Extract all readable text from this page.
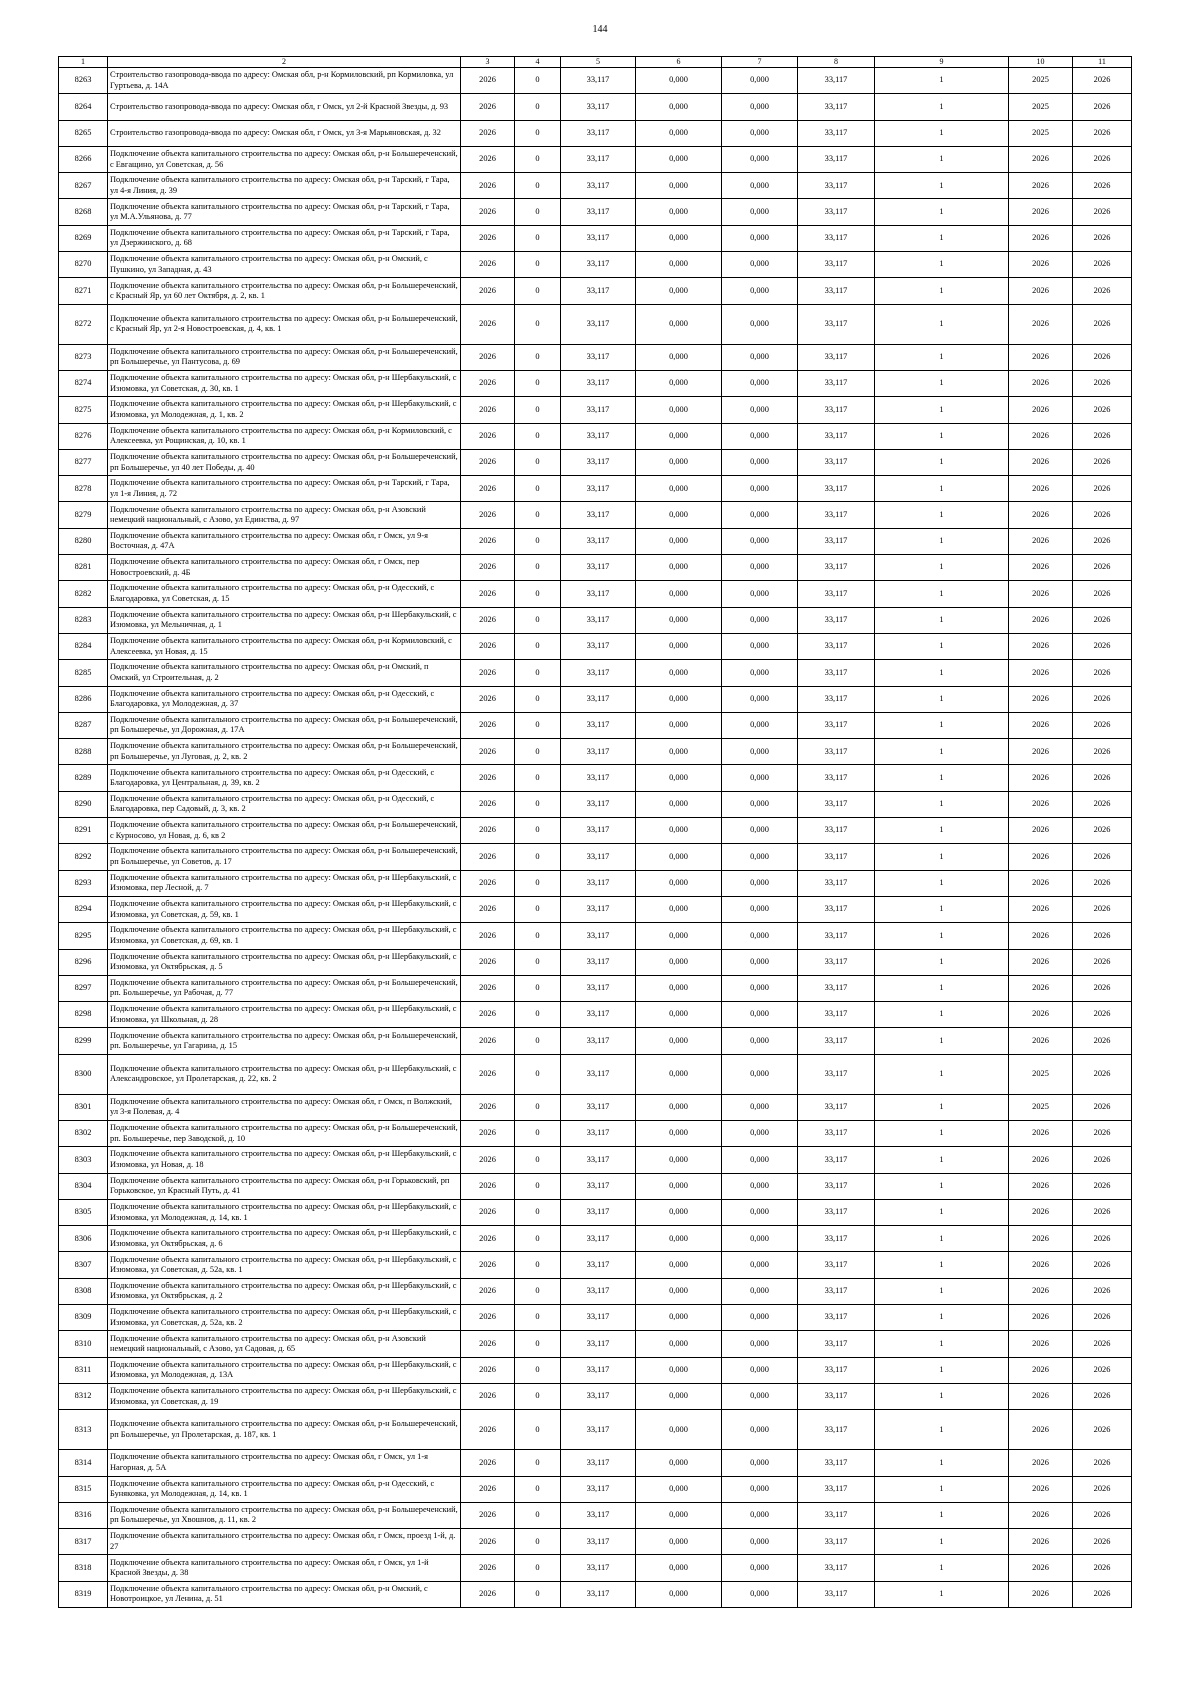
144
1	2	3	4	5	6	7	8	9	10	11
8263	Строительство газопровода-ввода по адресу: Омская обл, р-н Кормиловский, рп Кормиловка, ул Гуртьева, д. 14А	2026	0	33,117	0,000	0,000	33,117	1	2025	2026
8264	Строительство газопровода-ввода по адресу: Омская обл, г Омск, ул 2-й Красной Звезды, д. 93	2026	0	33,117	0,000	0,000	33,117	1	2025	2026
8265	Строительство газопровода-ввода по адресу: Омская обл, г Омск, ул 3-я Марьяновская, д. 32	2026	0	33,117	0,000	0,000	33,117	1	2025	2026
8266	Подключение объекта капитального строительства по адресу: Омская обл, р-н Большереченский, с Евгащино, ул Советская, д. 56	2026	0	33,117	0,000	0,000	33,117	1	2026	2026
8267	Подключение объекта капитального строительства по адресу: Омская обл, р-н Тарский, г Тара, ул 4-я Линия, д. 39	2026	0	33,117	0,000	0,000	33,117	1	2026	2026
8268	Подключение объекта капитального строительства по адресу: Омская обл, р-н Тарский, г Тара, ул М.А.Ульянова, д. 77	2026	0	33,117	0,000	0,000	33,117	1	2026	2026
8269	Подключение объекта капитального строительства по адресу: Омская обл, р-н Тарский, г Тара, ул Дзержинского, д. 68	2026	0	33,117	0,000	0,000	33,117	1	2026	2026
8270	Подключение объекта капитального строительства по адресу: Омская обл, р-н Омский, с Пушкино, ул Западная, д. 43	2026	0	33,117	0,000	0,000	33,117	1	2026	2026
8271	Подключение объекта капитального строительства по адресу: Омская обл, р-н Большереченский, с Красный Яр, ул 60 лет Октября, д. 2, кв. 1	2026	0	33,117	0,000	0,000	33,117	1	2026	2026
8272	Подключение объекта капитального строительства по адресу: Омская обл, р-н Большереченский, с Красный Яр, ул 2-я Новостроевская, д. 4, кв. 1	2026	0	33,117	0,000	0,000	33,117	1	2026	2026
8273	Подключение объекта капитального строительства по адресу: Омская обл, р-н Большереченский, рп Большеречье, ул Пантусова, д. 69	2026	0	33,117	0,000	0,000	33,117	1	2026	2026
8274	Подключение объекта капитального строительства по адресу: Омская обл, р-н Шербакульский, с Изюмовка, ул Советская, д. 30, кв. 1	2026	0	33,117	0,000	0,000	33,117	1	2026	2026
8275	Подключение объекта капитального строительства по адресу: Омская обл, р-н Шербакульский, с Изюмовка, ул Молодежная, д. 1, кв. 2	2026	0	33,117	0,000	0,000	33,117	1	2026	2026
8276	Подключение объекта капитального строительства по адресу: Омская обл, р-н Кормиловский, с Алексеевка, ул Рощинская, д. 10, кв. 1	2026	0	33,117	0,000	0,000	33,117	1	2026	2026
8277	Подключение объекта капитального строительства по адресу: Омская обл, р-н Большереченский, рп Большеречье, ул 40 лет Победы, д. 40	2026	0	33,117	0,000	0,000	33,117	1	2026	2026
8278	Подключение объекта капитального строительства по адресу: Омская обл, р-н Тарский, г Тара, ул 1-я Линия, д. 72	2026	0	33,117	0,000	0,000	33,117	1	2026	2026
8279	Подключение объекта капитального строительства по адресу: Омская обл, р-н Азовский немецкий национальный, с Азово, ул Единства, д. 97	2026	0	33,117	0,000	0,000	33,117	1	2026	2026
8280	Подключение объекта капитального строительства по адресу: Омская обл, г Омск, ул 9-я Восточная, д. 47А	2026	0	33,117	0,000	0,000	33,117	1	2026	2026
8281	Подключение объекта капитального строительства по адресу: Омская обл, г Омск, пер Новостроевский, д. 4Б	2026	0	33,117	0,000	0,000	33,117	1	2026	2026
8282	Подключение объекта капитального строительства по адресу: Омская обл, р-н Одесский, с Благодаровка, ул Советская, д. 15	2026	0	33,117	0,000	0,000	33,117	1	2026	2026
8283	Подключение объекта капитального строительства по адресу: Омская обл, р-н Шербакульский, с Изюмовка, ул Мельничная, д. 1	2026	0	33,117	0,000	0,000	33,117	1	2026	2026
8284	Подключение объекта капитального строительства по адресу: Омская обл, р-н Кормиловский, с Алексеевка, ул Новая, д. 15	2026	0	33,117	0,000	0,000	33,117	1	2026	2026
8285	Подключение объекта капитального строительства по адресу: Омская обл, р-н Омский, п Омский, ул Строительная, д. 2	2026	0	33,117	0,000	0,000	33,117	1	2026	2026
8286	Подключение объекта капитального строительства по адресу: Омская обл, р-н Одесский, с Благодаровка, ул Молодежная, д. 37	2026	0	33,117	0,000	0,000	33,117	1	2026	2026
8287	Подключение объекта капитального строительства по адресу: Омская обл, р-н Большереченский, рп Большеречье, ул Дорожная, д. 17А	2026	0	33,117	0,000	0,000	33,117	1	2026	2026
8288	Подключение объекта капитального строительства по адресу: Омская обл, р-н Большереченский, рп Большеречье, ул Луговая, д. 2, кв. 2	2026	0	33,117	0,000	0,000	33,117	1	2026	2026
8289	Подключение объекта капитального строительства по адресу: Омская обл, р-н Одесский, с Благодаровка, ул Центральная, д. 39, кв. 2	2026	0	33,117	0,000	0,000	33,117	1	2026	2026
8290	Подключение объекта капитального строительства по адресу: Омская обл, р-н Одесский, с Благодаровка, пер Садовый, д. 3, кв. 2	2026	0	33,117	0,000	0,000	33,117	1	2026	2026
8291	Подключение объекта капитального строительства по адресу: Омская обл, р-н Большереченский, с Курносово, ул Новая, д. 6, кв 2	2026	0	33,117	0,000	0,000	33,117	1	2026	2026
8292	Подключение объекта капитального строительства по адресу: Омская обл, р-н Большереченский, рп Большеречье, ул Советов, д. 17	2026	0	33,117	0,000	0,000	33,117	1	2026	2026
8293	Подключение объекта капитального строительства по адресу: Омская обл, р-н Шербакульский, с Изюмовка, пер Лесной, д. 7	2026	0	33,117	0,000	0,000	33,117	1	2026	2026
8294	Подключение объекта капитального строительства по адресу: Омская обл, р-н Шербакульский, с Изюмовка, ул Советская, д. 59, кв. 1	2026	0	33,117	0,000	0,000	33,117	1	2026	2026
8295	Подключение объекта капитального строительства по адресу: Омская обл, р-н Шербакульский, с Изюмовка, ул Советская, д. 69, кв. 1	2026	0	33,117	0,000	0,000	33,117	1	2026	2026
8296	Подключение объекта капитального строительства по адресу: Омская обл, р-н Шербакульский, с Изюмовка, ул Октябрьская, д. 5	2026	0	33,117	0,000	0,000	33,117	1	2026	2026
8297	Подключение объекта капитального строительства по адресу: Омская обл, р-н Большереченский, рп. Большеречье, ул Рабочая, д. 77	2026	0	33,117	0,000	0,000	33,117	1	2026	2026
8298	Подключение объекта капитального строительства по адресу: Омская обл, р-н Шербакульский, с Изюмовка, ул Школьная, д. 28	2026	0	33,117	0,000	0,000	33,117	1	2026	2026
8299	Подключение объекта капитального строительства по адресу: Омская обл, р-н Большереченский, рп. Большеречье, ул Гагарина, д. 15	2026	0	33,117	0,000	0,000	33,117	1	2026	2026
8300	Подключение объекта капитального строительства по адресу: Омская обл, р-н Шербакульский, с Александровское, ул Пролетарская, д. 22, кв. 2	2026	0	33,117	0,000	0,000	33,117	1	2025	2026
8301	Подключение объекта капитального строительства по адресу: Омская обл, г Омск, п Волжский, ул 3-я Полевая, д. 4	2026	0	33,117	0,000	0,000	33,117	1	2025	2026
8302	Подключение объекта капитального строительства по адресу: Омская обл, р-н Большереченский, рп. Большеречье, пер Заводской, д. 10	2026	0	33,117	0,000	0,000	33,117	1	2026	2026
8303	Подключение объекта капитального строительства по адресу: Омская обл, р-н Шербакульский, с Изюмовка, ул Новая, д. 18	2026	0	33,117	0,000	0,000	33,117	1	2026	2026
8304	Подключение объекта капитального строительства по адресу: Омская обл, р-н Горьковский, рп Горьковское, ул Красный Путь, д. 41	2026	0	33,117	0,000	0,000	33,117	1	2026	2026
8305	Подключение объекта капитального строительства по адресу: Омская обл, р-н Шербакульский, с Изюмовка, ул Молодежная, д. 14, кв. 1	2026	0	33,117	0,000	0,000	33,117	1	2026	2026
8306	Подключение объекта капитального строительства по адресу: Омская обл, р-н Шербакульский, с Изюмовка, ул Октябрьская, д. 6	2026	0	33,117	0,000	0,000	33,117	1	2026	2026
8307	Подключение объекта капитального строительства по адресу: Омская обл, р-н Шербакульский, с Изюмовка, ул Советская, д. 52а, кв. 1	2026	0	33,117	0,000	0,000	33,117	1	2026	2026
8308	Подключение объекта капитального строительства по адресу: Омская обл, р-н Шербакульский, с Изюмовка, ул Октябрьская, д. 2	2026	0	33,117	0,000	0,000	33,117	1	2026	2026
8309	Подключение объекта капитального строительства по адресу: Омская обл, р-н Шербакульский, с Изюмовка, ул Советская, д. 52а, кв. 2	2026	0	33,117	0,000	0,000	33,117	1	2026	2026
8310	Подключение объекта капитального строительства по адресу: Омская обл, р-н Азовский немецкий национальный, с Азово, ул Садовая, д. 65	2026	0	33,117	0,000	0,000	33,117	1	2026	2026
8311	Подключение объекта капитального строительства по адресу: Омская обл, р-н Шербакульский, с Изюмовка, ул Молодежная, д. 13А	2026	0	33,117	0,000	0,000	33,117	1	2026	2026
8312	Подключение объекта капитального строительства по адресу: Омская обл, р-н Шербакульский, с Изюмовка, ул Советская, д. 19	2026	0	33,117	0,000	0,000	33,117	1	2026	2026
8313	Подключение объекта капитального строительства по адресу: Омская обл, р-н Большереченский, рп Большеречье, ул Пролетарская, д. 187, кв. 1	2026	0	33,117	0,000	0,000	33,117	1	2026	2026
8314	Подключение объекта капитального строительства по адресу: Омская обл, г Омск, ул 1-я Нагорная, д. 5А	2026	0	33,117	0,000	0,000	33,117	1	2026	2026
8315	Подключение объекта капитального строительства по адресу: Омская обл, р-н Одесский, с Буняковка, ул Молодежная, д. 14, кв. 1	2026	0	33,117	0,000	0,000	33,117	1	2026	2026
8316	Подключение объекта капитального строительства по адресу: Омская обл, р-н Большереченский, рп Большеречье, ул Хвошнов, д. 11, кв. 2	2026	0	33,117	0,000	0,000	33,117	1	2026	2026
8317	Подключение объекта капитального строительства по адресу: Омская обл, г Омск, проезд 1-й, д. 27	2026	0	33,117	0,000	0,000	33,117	1	2026	2026
8318	Подключение объекта капитального строительства по адресу: Омская обл, г Омск, ул 1-й Красной Звезды, д. 38	2026	0	33,117	0,000	0,000	33,117	1	2026	2026
8319	Подключение объекта капитального строительства по адресу: Омская обл, р-н Омский, с Новотроицкое, ул Ленина, д. 51	2026	0	33,117	0,000	0,000	33,117	1	2026	2026
